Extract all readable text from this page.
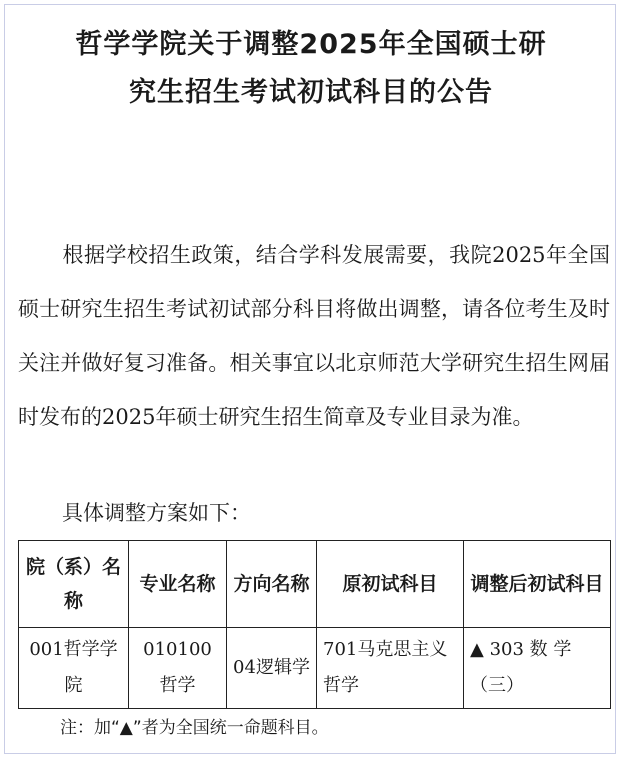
哲学学院关于调整2025年全国硕士研
究生招生考试初试科目的公告

根据学校招生政策，结合学科发展需要，我院2025年全国硕士研究生招生考试初试部分科目将做出调整，请各位考生及时关注并做好复习准备。相关事宜以北京师范大学研究生招生网届时发布的2025年硕士研究生招生简章及专业目录为准。

具体调整方案如下：

院（系）名称	专业名称	方向名称	原初试科目	调整后初试科目
001哲学学院	010100哲学	04逻辑学	701马克思主义哲学	▲ 303 数 学（三）

注：加“▲”者为全国统一命题科目。
